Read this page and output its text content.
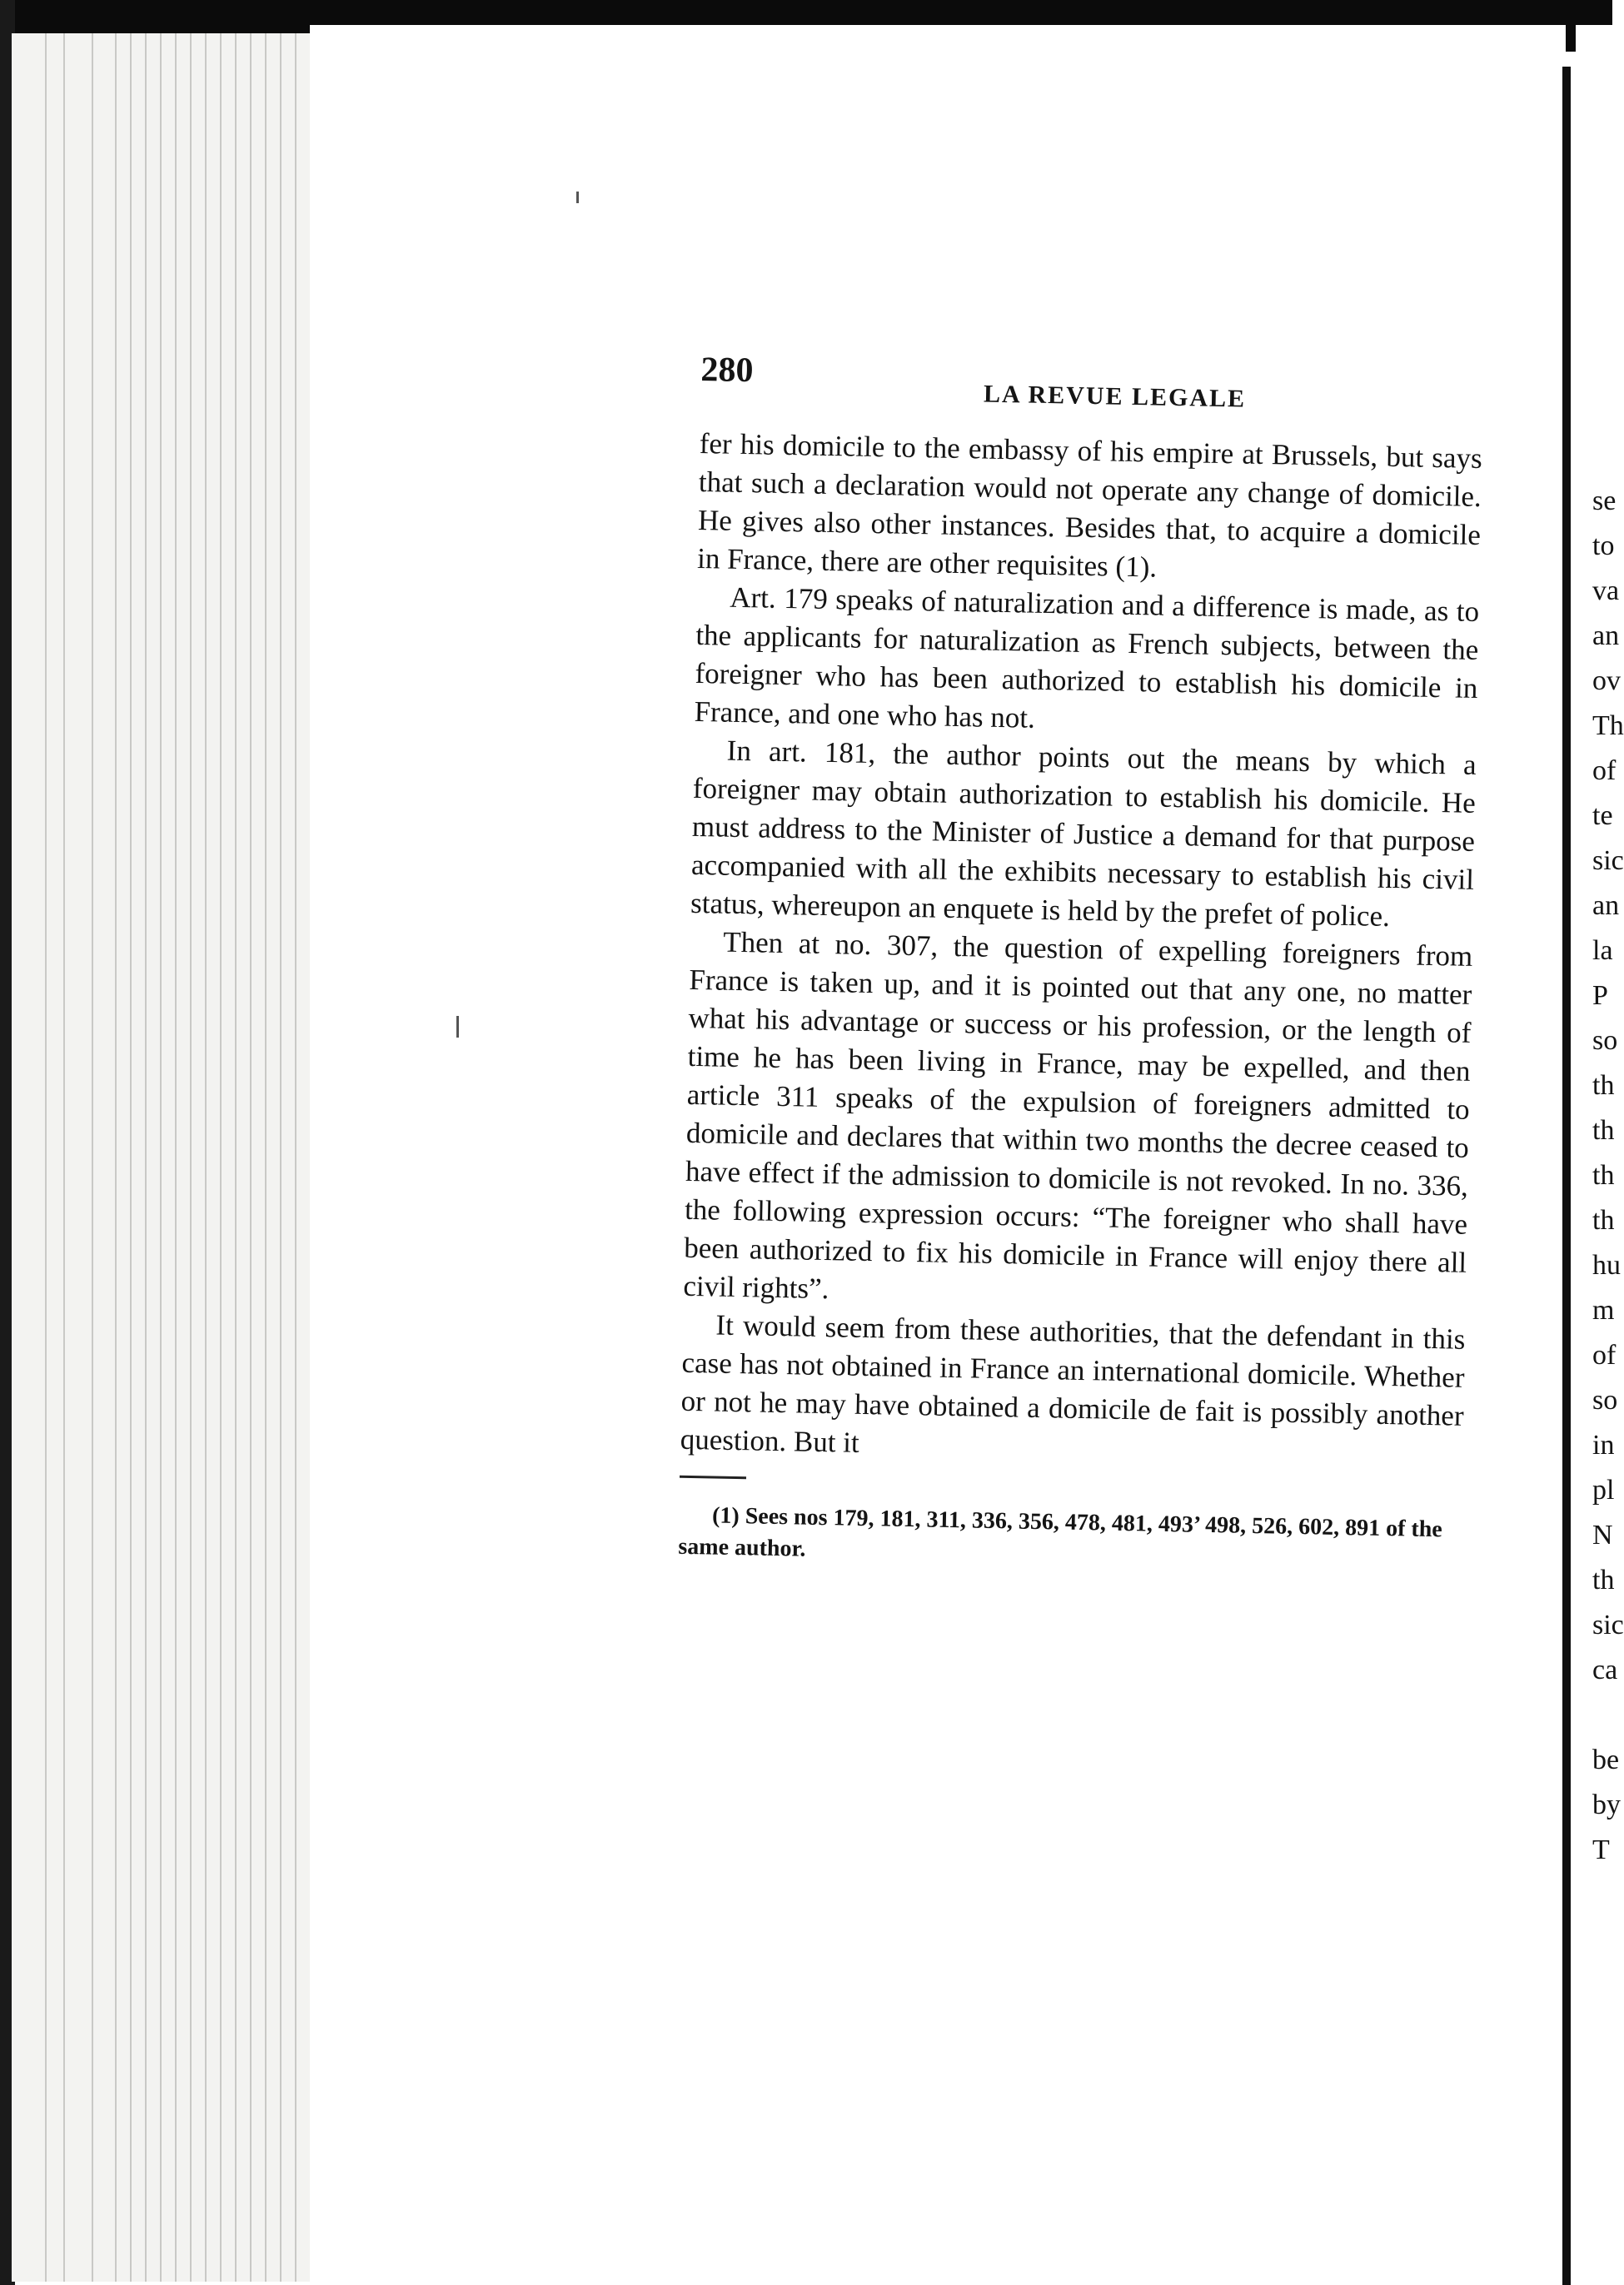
280
LA REVUE LEGALE

fer his domicile to the embassy of his empire at Brussels, but says that such a declaration would not operate any change of domicile. He gives also other instances. Besides that, to acquire a domicile in France, there are other requisites (1).

Art. 179 speaks of naturalization and a difference is made, as to the applicants for naturalization as French subjects, between the foreigner who has been authorized to establish his domicile in France, and one who has not.

In art. 181, the author points out the means by which a foreigner may obtain authorization to establish his domicile. He must address to the Minister of Justice a demand for that purpose accompanied with all the exhibits necessary to establish his civil status, whereupon an enquete is held by the prefet of police.

Then at no. 307, the question of expelling foreigners from France is taken up, and it is pointed out that any one, no matter what his advantage or success or his profession, or the length of time he has been living in France, may be expelled, and then article 311 speaks of the expulsion of foreigners admitted to domicile and declares that within two months the decree ceased to have effect if the admission to domicile is not revoked. In no. 336, the following expression occurs: “The foreigner who shall have been authorized to fix his domicile in France will enjoy there all civil rights”.

It would seem from these authorities, that the defendant in this case has not obtained in France an international domicile. Whether or not he may have obtained a domicile de fait is possibly another question. But it

(1) Sees nos 179, 181, 311, 336, 356, 478, 481, 493’ 498, 526, 602, 891 of the same author.

se
to
va
an
ov
Th
of
te
sic
an
la
P
so
th
th
th
th
hu
m
of
so
in
pl
N
th
sic
ca
be
by
T
